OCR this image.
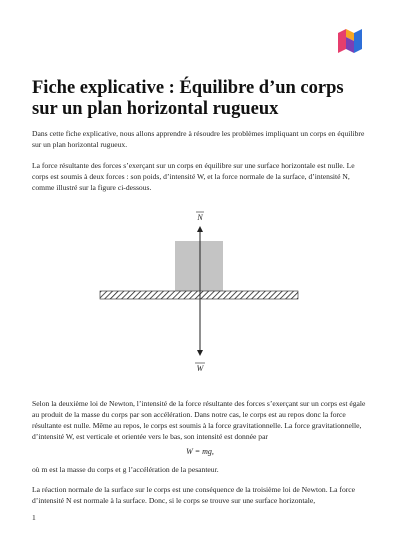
Fiche explicative : Équilibre d’un corps sur un plan horizontal rugueux

Dans cette fiche explicative, nous allons apprendre à résoudre les problèmes impliquant un corps en équilibre sur un plan horizontal rugueux.

La force résultante des forces s’exerçant sur un corps en équilibre sur une surface horizontale est nulle. Le corps est soumis à deux forces : son poids, d’intensité W, et la force normale de la surface, d’intensité N, comme illustré sur la figure ci-dessous.

N
W

Selon la deuxième loi de Newton, l’intensité de la force résultante des forces s’exerçant sur un corps est égale au produit de la masse du corps par son accélération. Dans notre cas, le corps est au repos donc la force résultante est nulle. Même au repos, le corps est soumis à la force gravitationnelle. La force gravitationnelle, d’intensité W, est verticale et orientée vers le bas, son intensité est donnée par

W = mg,

où m est la masse du corps et g l’accélération de la pesanteur.

La réaction normale de la surface sur le corps est une conséquence de la troisième loi de Newton. La force d’intensité N est normale à la surface. Donc, si le corps se trouve sur une surface horizontale,

1
